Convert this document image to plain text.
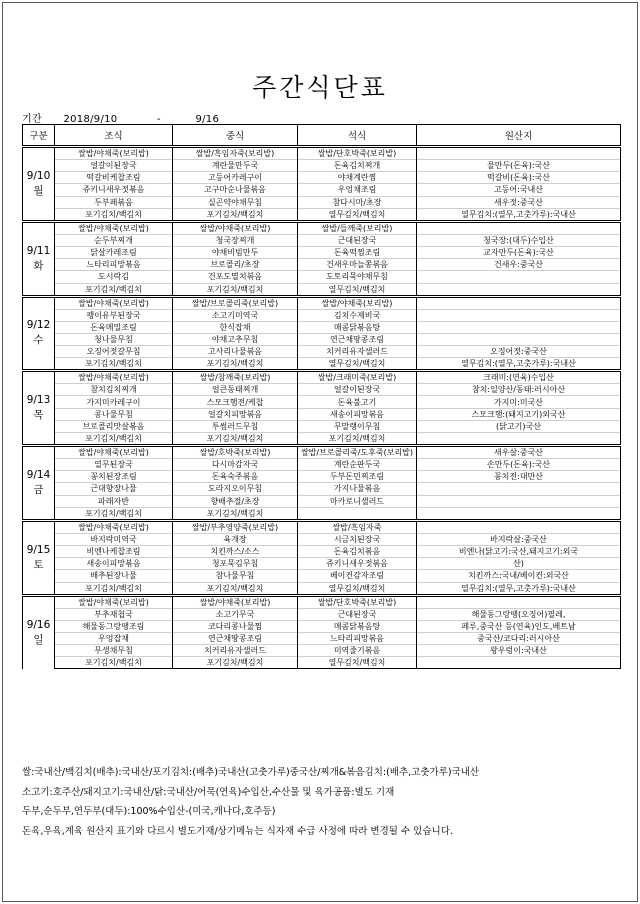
주간식단표
기간 2018/9/10	-	9/16
구분	조식	중식	석식	원산지

9/10
월	쌀밥/야채죽(보리밥)	쌀밥/흑임자죽(보리밥)	쌀밥/단호박죽(보리밥)	
	얼갈이된장국	계란물만두국	돈육김치찌개	물만두(돈육):국산
	떡갈비케찹조림	고등어카레구이	야채계란찜	떡갈비(돈육):국산
	쥬키니새우젓볶음	고구마순나물볶음	우엉채조림	고등어:국내산
	두부페볶음	실곤약야채무침	참다시마/초장	새우젓:중국산
	포기김치/백김치	포기김치/백김치	열무김치/백김치	열무김치:(열무,고춧가루):국내산

9/11
화	쌀밥/야채죽(보리밥)	쌀밥/야채죽(보리밥)	쌀밥/들깨죽(보리밥)	
	순두부찌개	청국장찌개	근대된장국	청국장:(대두)수입산
	닭살카레조림	야채비빔만두	돈육떡찜조림	교자만두(돈육):국산
	느타리피망볶음	브로콜리/초장	건새우마늘쫑볶음	건새우:중국산
	도시락김	건포도멸치볶음	도토리묵야채무침	
	포기김치/백김치	포기김치/백김치	열무김치/백김치	

9/12
수	쌀밥/야채죽(보리밥)	쌀밥/브로콜리죽(보리밥)	쌀밥/야채죽(보리밥)	
	팽이유부된장국	소고기미역국	김치수제비국	
	돈육메밀조림	한식잡채	매콤닭볶음탕	
	청나물무침	야채고추무침	연근채땅콩조림	
	오징어젓갈무침	고사리나물볶음	치커리유자샐러드	오징어젓:중국산
	포기김치/백김치	포기김치/백김치	열무김치/백김치	열무김치:(열무,고춧가루):국내산

9/13
목	쌀밥/야채죽(보리밥)	쌀밥/참깨죽(보리밥)	쌀밥/크래미죽(보리밥)	크래미:(연육)수입산
	참치김치찌개	얼큰동태찌개	얼갈이된장국	참치:일양산/동태:러시아산
	가지미카레구이	스모크햄전/케찹	돈육불고기	가지미:미국산
	콩나물무침	얼갈치피망볶음	새송이피망볶음	스모크햄:(돼지고기)외국산
	브로콜리맛살볶음	투썸러드무침	무말랭이무침	(닭고기)국산
	포기김치/백김치	포기김치/백김치	포기김치/백김치	

9/14
금	쌀밥/야채죽(보리밥)	쌀밥/호박죽(보리밥)	쌀밥/브로콜리죽/도후죽(보리밥)	새우살:중국산
	열무된장국	다시마감자국	계란순판두국	손만두(돈육):국산
	꽁치된장조림	돈육숙주볶음	두부돈민찌조림	꽁치전:대만산
	근대향장나물	도라지오이무침	가지나물볶음	
	파래자반	향배추절/초장	마카로니샐러드	
	포기김치/백김치	포기김치/백김치		

9/15
토	쌀밥/야채죽(보리밥)	쌀밥/부추영양죽(보리밥)	쌀밥/흑임자죽	
	바지락미역국	육개장	시금치된장국	바지락살:중국산
	비엔나케찹조림	치킨까스/소스	돈육김치볶음	비엔나(닭고기:국산,돼지고기:외국
	새송이피망볶음	청포묵김무침	쥬키니새우젓볶음	산)
	배추된장나물	참나물무침	베이컨감자조림	치킨까스:국내/베이컨:외국산
	포기김치/백김치	포기김치/백김치	열무김치/백김치	열무김치:(열무,고춧가루):국내산

9/16
일	쌀밥/야채죽(보리밥)	쌀밥/야채죽(보리밥)	쌀밥/단호박죽(보리밥)	
	부추재첩국	소고기무국	근대된장국	해물동그랑땡(오징어)필레,
	해물동그랑땡조림	코다리콩나물찜	매콤닭볶음탕	페루,중국산 등(연육)인도,베트남
	우엉잡채	연근채땅콩조림	느타리피망볶음	중국산/코다리:러시아산
	무생채무침	치커리유자샐러드	미역줄기볶음	왕우렁이:국내산
	포기김치/백김치	포기김치/백김치	열무김치/백김치	
쌀:국내산/백김치(배추):국내산/포기김치:(배추)국내산(고춧가루)중국산/찌개&볶음김치:(배추,고춧가루)국내산
소고기:호주산/돼지고기:국내산/닭:국내산/어묵(연육)수입산,수산물 및 육가공품:별도 기재
두부,순두부,연두부(대두):100%수입산-(미국,캐나다,호주등)
돈육,우육,계육 원산지 표기와 다르시 별도기재/상기메뉴는 식자재 수급 사정에 따라 변경될 수 있습니다.
